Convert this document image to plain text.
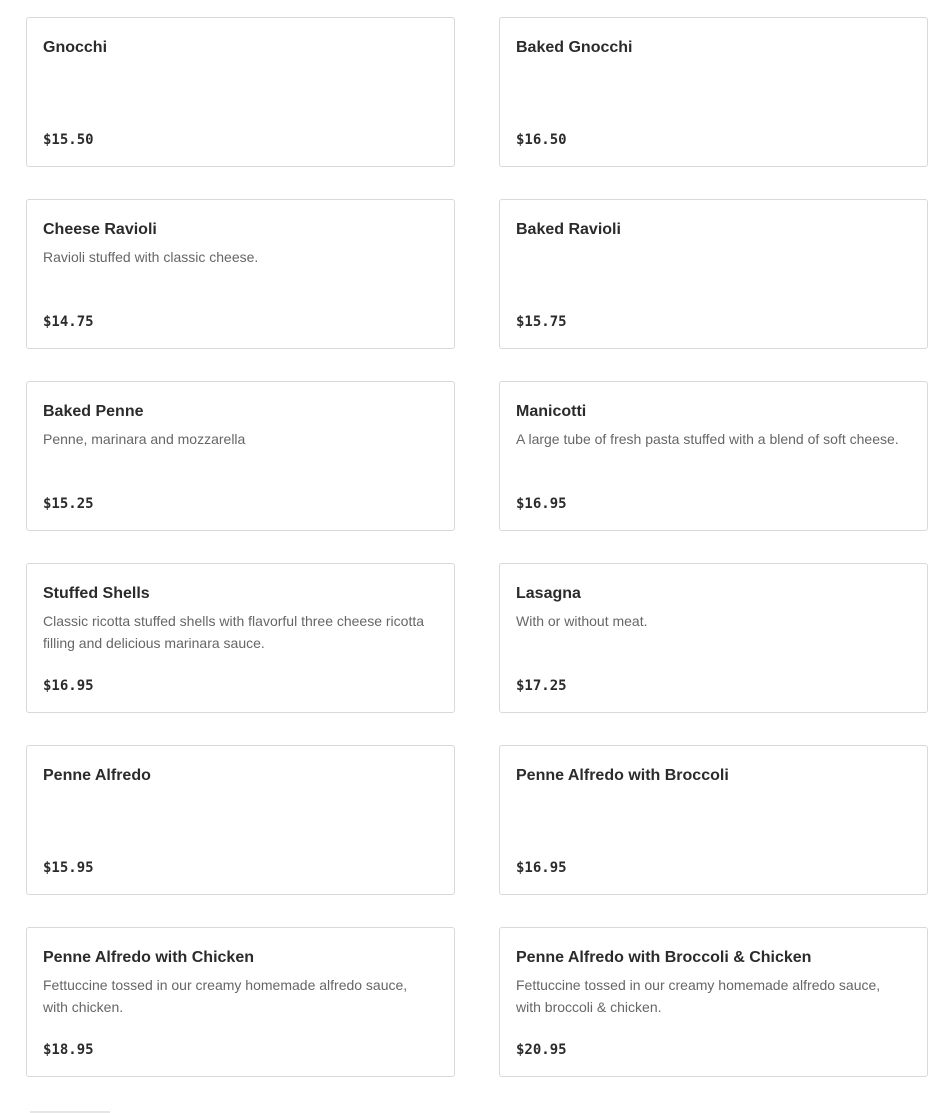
Gnocchi
$15.50
Baked Gnocchi
$16.50
Cheese Ravioli
Ravioli stuffed with classic cheese.
$14.75
Baked Ravioli
$15.75
Baked Penne
Penne, marinara and mozzarella
$15.25
Manicotti
A large tube of fresh pasta stuffed with a blend of soft cheese.
$16.95
Stuffed Shells
Classic ricotta stuffed shells with flavorful three cheese ricotta filling and delicious marinara sauce.
$16.95
Lasagna
With or without meat.
$17.25
Penne Alfredo
$15.95
Penne Alfredo with Broccoli
$16.95
Penne Alfredo with Chicken
Fettuccine tossed in our creamy homemade alfredo sauce, with chicken.
$18.95
Penne Alfredo with Broccoli & Chicken
Fettuccine tossed in our creamy homemade alfredo sauce, with broccoli & chicken.
$20.95
